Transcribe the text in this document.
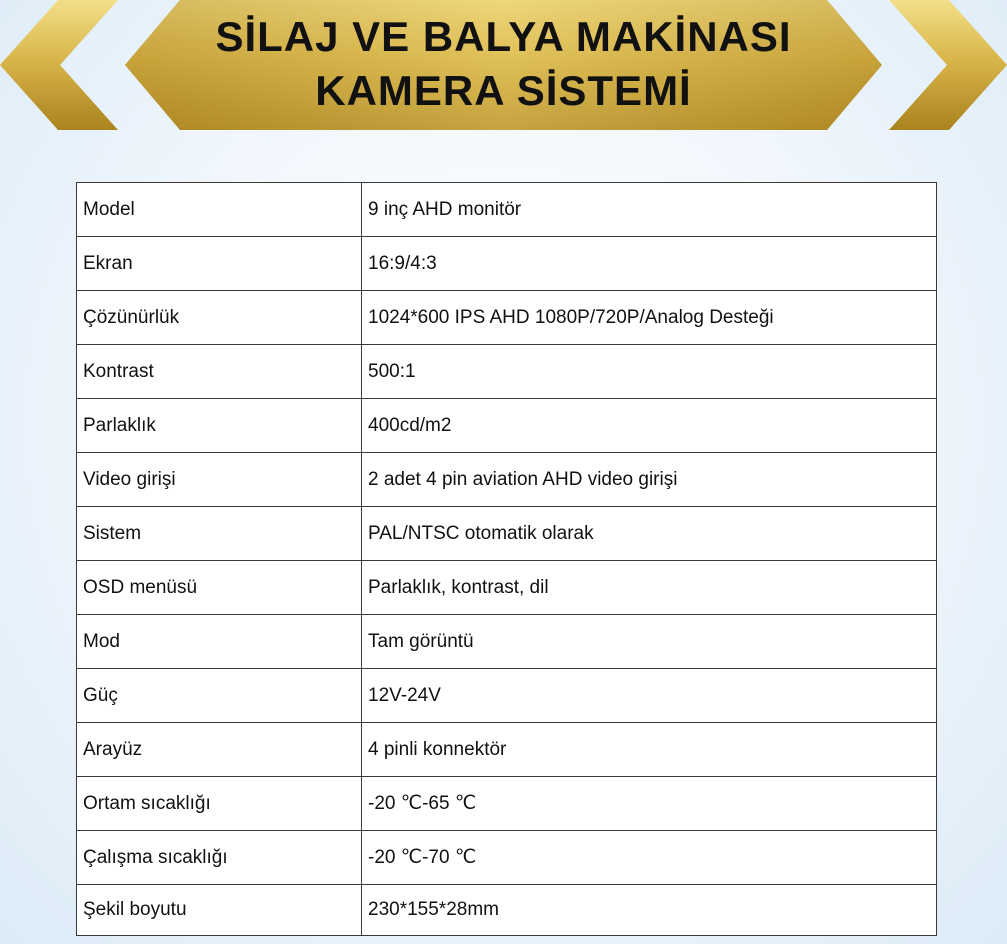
SİLAJ VE BALYA MAKİNASI
KAMERA SİSTEMİ
Model	9 inç AHD monitör
Ekran	16:9/4:3
Çözünürlük	1024*600 IPS AHD 1080P/720P/Analog Desteği
Kontrast	500:1
Parlaklık	400cd/m2
Video girişi	2 adet 4 pin aviation AHD video girişi
Sistem	PAL/NTSC otomatik olarak
OSD menüsü	Parlaklık, kontrast, dil
Mod	Tam görüntü
Güç	12V-24V
Arayüz	4 pinli konnektör
Ortam sıcaklığı	-20 ℃-65 ℃
Çalışma sıcaklığı	-20 ℃-70 ℃
Şekil boyutu	230*155*28mm
